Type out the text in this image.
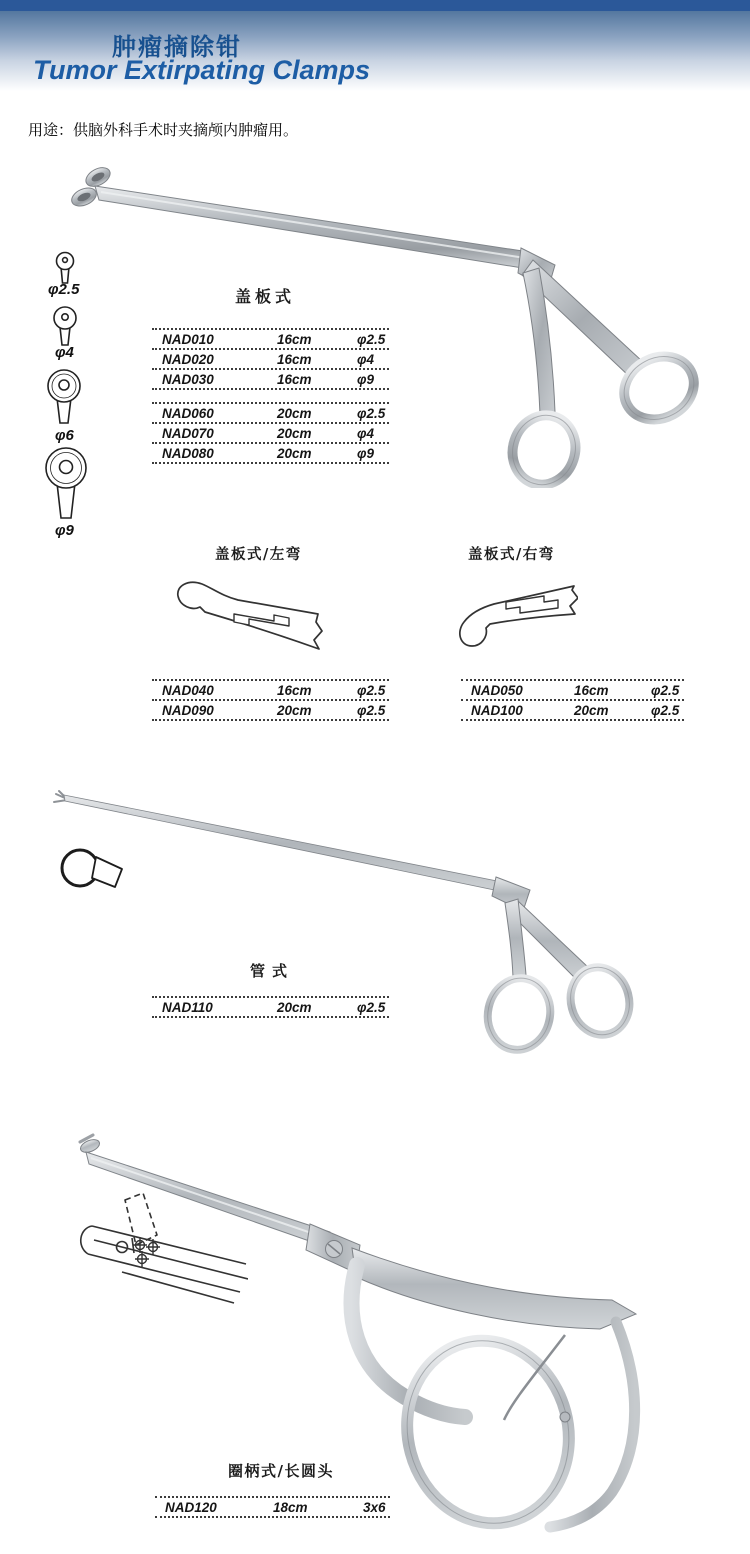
肿瘤摘除钳
Tumor Extirpating Clamps
用途：供脑外科手术时夹摘颅内肿瘤用。
φ2.5
φ4
φ6
φ9
盖板式
NAD010	16cm	φ2.5
NAD020	16cm	φ4
NAD030	16cm	φ9
NAD060	20cm	φ2.5
NAD070	20cm	φ4
NAD080	20cm	φ9
盖板式/左弯	盖板式/右弯
NAD040	16cm	φ2.5
NAD090	20cm	φ2.5
NAD050	16cm	φ2.5
NAD100	20cm	φ2.5
管式
NAD110	20cm	φ2.5
圈柄式/长圆头
NAD120	18cm	3x6
